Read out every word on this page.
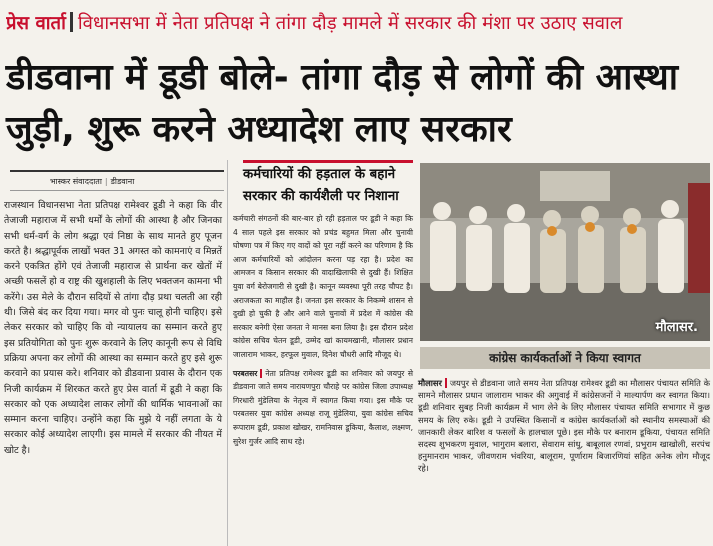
प्रेस वार्ता विधानसभा में नेता प्रतिपक्ष ने तांगा दौड़ मामले में सरकार की मंशा पर उठाए सवाल
डीडवाना में डूडी बोले- तांगा दौड़ से लोगों की आस्था जुड़ी, शुरू करने अध्यादेश लाए सरकार
भास्कर संवाददाता | डीडवाना

राजस्थान विधानसभा नेता प्रतिपक्ष रामेश्वर डूडी ने कहा कि वीर तेजाजी महाराज में सभी धर्मों के लोगों की आस्था है और जिनका सभी धर्म-वर्ग के लोग श्रद्धा एवं निष्ठा के साथ मानते हुए पूजन करते है। श्रद्धापूर्वक लाखों भक्त 31 अगस्त को कामनाएं व मिन्नतें करने एकत्रित होंगे एवं तेजाजी महाराज से प्रार्थना कर खेतों में अच्छी फसलें हो व राष्ट्र की खुशहाली के लिए भक्तजन कामना भी करेंगे। उस मेले के दौरान सदियों से तांगा दौड़ प्रथा चलती आ रही थी। जिसे बंद कर दिया गया। मगर वो पुनः चालू होनी चाहिए। इसे लेकर सरकार को चाहिए कि वो न्यायालय का सम्मान करते हुए इस प्रतियोगिता को पुनः शुरू करवाने के लिए कानूनी रूप से विधि प्रक्रिया अपना कर लोगों की आस्था का सम्मान करते हुए इसे शुरू करवाने का प्रयास करे। शनिवार को डीडवाना प्रवास के दौरान एक निजी कार्यक्रम में शिरकत करते हुए प्रेस वार्ता में डूडी ने कहा कि सरकार को एक अध्यादेश लाकर लोगों की धार्मिक भावनाओं का सम्मान करना चाहिए। उन्होंने कहा कि मुझे ये नहीं लगता के ये सरकार कोई अध्यादेश लाएगी। इस मामले में सरकार की नीयत में खोट है।

कर्मचारियों की हड़ताल के बहाने सरकार की कार्यशैली पर निशाना

कर्मचारी संगठनों की बार-बार हो रही हड़ताल पर डूडी ने कहा कि 4 साल पहले इस सरकार को प्रचंड बहुमत मिला और चुनावी घोषणा पत्र में किए गए वादों को पूरा नहीं करने का परिणाम है कि आज कर्मचारियों को आंदोलन करना पड़ रहा है। प्रदेश का आमजन व किसान सरकार की वादाखिलाफी से दुखी हैं। शिक्षित युवा वर्ग बेरोजगारी से दुखी है। कानून व्यवस्था पूरी तरह चौपट है। अराजकता का माहौल है। जनता इस सरकार के निकम्मे शासन से दुखी हो चुकी है और आने वाले चुनावों में प्रदेश में कांग्रेस की सरकार बनेगी ऐसा जनता ने मानस बना लिया है। इस दौरान प्रदेश कांग्रेस सचिव चेतन डूडी, उम्मेद खां कायमखानी, मौलासर प्रधान जालाराम भाकर, हरफूल मुवाल, दिनेश चौधरी आदि मौजूद थे।

परबतसर नेता प्रतिपक्ष रामेश्वर डूडी का शनिवार को जयपुर से डीडवाना जाते समय नारायणपुरा चौराहे पर कांग्रेस जिला उपाध्यक्ष गिरधारी मुंडेलिया के नेतृत्व में स्वागत किया गया। इस मौके पर परबतसर युवा कांग्रेस अध्यक्ष राजू मुंडेलिया, युवा कांग्रेस सचिव रूपाराम डूडी, प्रकाश खोखर, रामनिवास डूकिया, कैलाश, लक्ष्मण, सुरेश गुर्जर आदि साथ रहे।

मौलासर.
कांग्रेस कार्यकर्ताओं ने किया स्वागत

मौलासर जयपुर से डीडवाना जाते समय नेता प्रतिपक्ष रामेश्वर डूडी का मौलासर पंचायत समिति के सामने मौलासर प्रधान जालाराम भाकर की अगुवाई में कांग्रेसजनों ने माल्यार्पण कर स्वागत किया। डूडी शनिवार सुबह निजी कार्यक्रम में भाग लेने के लिए मौलासर पंचायत समिति सभागार में कुछ समय के लिए रुके। डूडी ने उपस्थित किसानों व कांग्रेस कार्यकर्ताओं को स्थानीय समस्याओं की जानकारी लेकर बारिश व फसलों के हालचाल पूछे। इस मौके पर बनाराम डूकिया, पंचायत समिति सदस्य शुभकरण मुवाल, भागुराम बलारा, सेवाराम सांधु, बाबूलाल रणवां, प्रभुराम खाखोली, सरपंच हनुमानराम भाकर, जीवणराम भंवरिया, बालूराम, पूर्णाराम बिजारणियां सहित अनेक लोग मौजूद रहे।
